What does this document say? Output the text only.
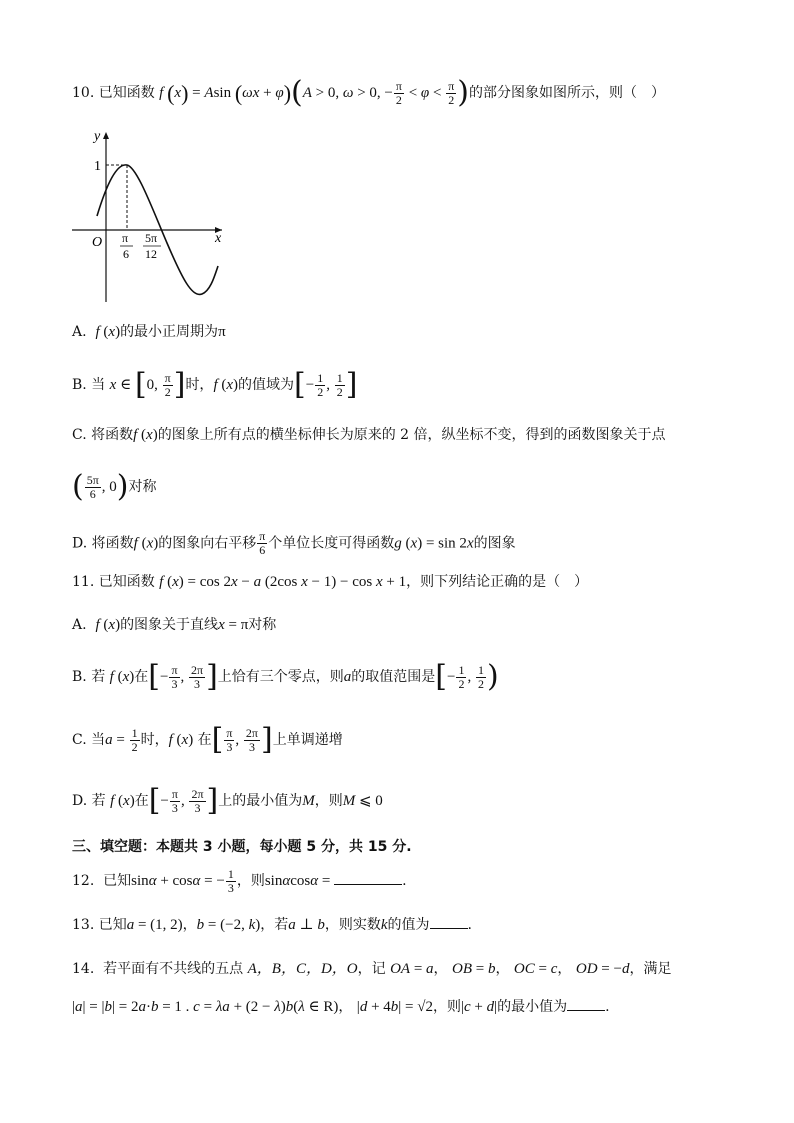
10. 已知函数 f (x) = Asin (ωx + φ)(A > 0, ω > 0, − $\frac{\pi}{2} < \varphi < \frac{\pi}{2}$ )的部分图象如图所示，则（　）
y
x
O
1
π
6
5π
12
A. f (x)的最小正周期为π
B. 当 x ∈ [0, $\frac{\pi}{2}$ ]时，f (x)的值域为[− $\frac{1}{2}$ , $\frac{1}{2}$ ]
C. 将函数f (x)的图象上所有点的横坐标伸长为原来的 2 倍，纵坐标不变，得到的函数图象关于点
( $\frac{5\pi}{6}$ , 0)对称
D. 将函数f (x)的图象向右平移 $\frac{\pi}{6}$ 个单位长度可得函数g (x) = sin 2x的图象
11. 已知函数 f (x) = cos 2x − a (2cos x − 1) − cos x + 1，则下列结论正确的是（　）
A. f (x)的图象关于直线x = π对称
B. 若 f (x)在[− $\frac{\pi}{3}$ , $\frac{2\pi}{3}$ ]上恰有三个零点，则a的取值范围是[− $\frac{1}{2}$ , $\frac{1}{2}$ )
C. 当$a = \frac{1}{2}$ 时，f (x) 在[ $\frac{\pi}{3}$ , $\frac{2\pi}{3}$ ]上单调递增
D. 若 f (x)在[− $\frac{\pi}{3}$ , $\frac{2\pi}{3}$ ]上的最小值为M，则M ⩽ 0
三、填空题：本题共 3 小题，每小题 5 分，共 15 分.
12. 已知sinα + cosα = − $\frac{1}{3}$ ，则sinαcosα =	.
13. 已知a = (1, 2)，b = (−2, k)，若a ⊥ b，则实数k的值为	.
14. 若平面有不共线的五点 A，B，C，D，O，记 OA = a， OB = b， OC = c， OD = −d，满足
|a| = |b| = 2a·b = 1 . c = λa + (2 − λ)b(λ ∈ R)， |d + 4b| = √2，则|c + d|的最小值为	.
